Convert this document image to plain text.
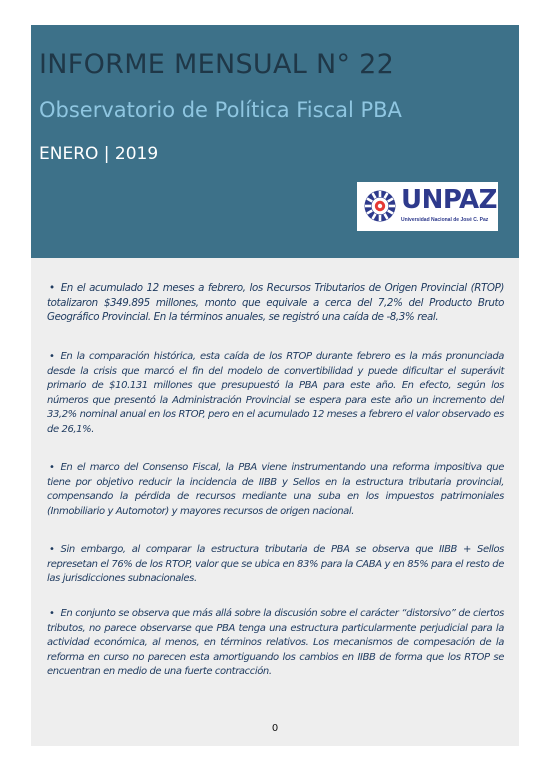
INFORME MENSUAL N° 22
Observatorio de Política Fiscal PBA
ENERO | 2019
UNPAZ
Universidad Nacional de José C. Paz
• En el acumulado 12 meses a febrero, los Recursos Tributarios de Origen Provincial (RTOP) totalizaron $349.895 millones, monto que equivale a cerca del 7,2% del Producto Bruto Geográfico Provincial. En la términos anuales, se registró una caída de -8,3% real.
• En la comparación histórica, esta caída de los RTOP durante febrero es la más pronunciada desde la crisis que marcó el fin del modelo de convertibilidad y puede dificultar el superávit primario de $10.131 millones que presupuestó la PBA para este año. En efecto, según los números que presentó la Administración Provincial se espera para este año un incremento del 33,2% nominal anual en los RTOP, pero en el acumulado 12 meses a febrero el valor observado es de 26,1%.
• En el marco del Consenso Fiscal, la PBA viene instrumentando una reforma impositiva que tiene por objetivo reducir la incidencia de IIBB y Sellos en la estructura tributaria provincial, compensando la pérdida de recursos mediante una suba en los impuestos patrimoniales (Inmobiliario y Automotor) y mayores recursos de origen nacional.
• Sin embargo, al comparar la estructura tributaria de PBA se observa que IIBB + Sellos represetan el 76% de los RTOP, valor que se ubica en 83% para la CABA y en 85% para el resto de las jurisdicciones subnacionales.
• En conjunto se observa que más allá sobre la discusión sobre el carácter “distorsivo” de ciertos tributos, no parece observarse que PBA tenga una estructura particularmente perjudicial para la actividad económica, al menos, en términos relativos. Los mecanismos de compesación de la reforma en curso no parecen esta amortiguando los cambios en IIBB de forma que los RTOP se encuentran en medio de una fuerte contracción.
0
